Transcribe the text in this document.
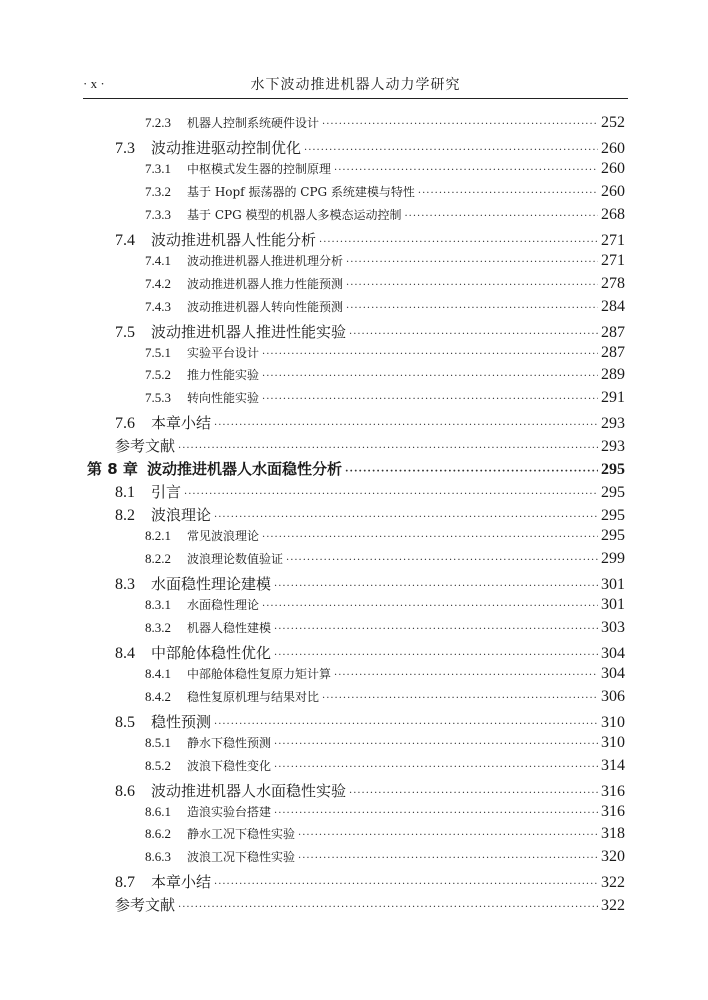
· x ·	水下波动推进机器人动力学研究
7.2.3	机器人控制系统硬件设计 ·····	252
7.3	波动推进驱动控制优化 ·····	260
7.3.1	中枢模式发生器的控制原理 ·····	260
7.3.2	基于 Hopf 振荡器的 CPG 系统建模与特性 ·····	260
7.3.3	基于 CPG 模型的机器人多模态运动控制 ·····	268
7.4	波动推进机器人性能分析 ·····	271
7.4.1	波动推进机器人推进机理分析 ·····	271
7.4.2	波动推进机器人推力性能预测 ·····	278
7.4.3	波动推进机器人转向性能预测 ·····	284
7.5	波动推进机器人推进性能实验 ·····	287
7.5.1	实验平台设计 ·····	287
7.5.2	推力性能实验 ·····	289
7.5.3	转向性能实验 ·····	291
7.6	本章小结 ·····	293
参考文献 ·····	293
第 8 章 波动推进机器人水面稳性分析 ·····	295
8.1	引言 ·····	295
8.2	波浪理论 ·····	295
8.2.1	常见波浪理论 ·····	295
8.2.2	波浪理论数值验证 ·····	299
8.3	水面稳性理论建模 ·····	301
8.3.1	水面稳性理论 ·····	301
8.3.2	机器人稳性建模 ·····	303
8.4	中部舱体稳性优化 ·····	304
8.4.1	中部舱体稳性复原力矩计算 ·····	304
8.4.2	稳性复原机理与结果对比 ·····	306
8.5	稳性预测 ·····	310
8.5.1	静水下稳性预测 ·····	310
8.5.2	波浪下稳性变化 ·····	314
8.6	波动推进机器人水面稳性实验 ·····	316
8.6.1	造浪实验台搭建 ·····	316
8.6.2	静水工况下稳性实验 ·····	318
8.6.3	波浪工况下稳性实验 ·····	320
8.7	本章小结 ·····	322
参考文献 ·····	322
